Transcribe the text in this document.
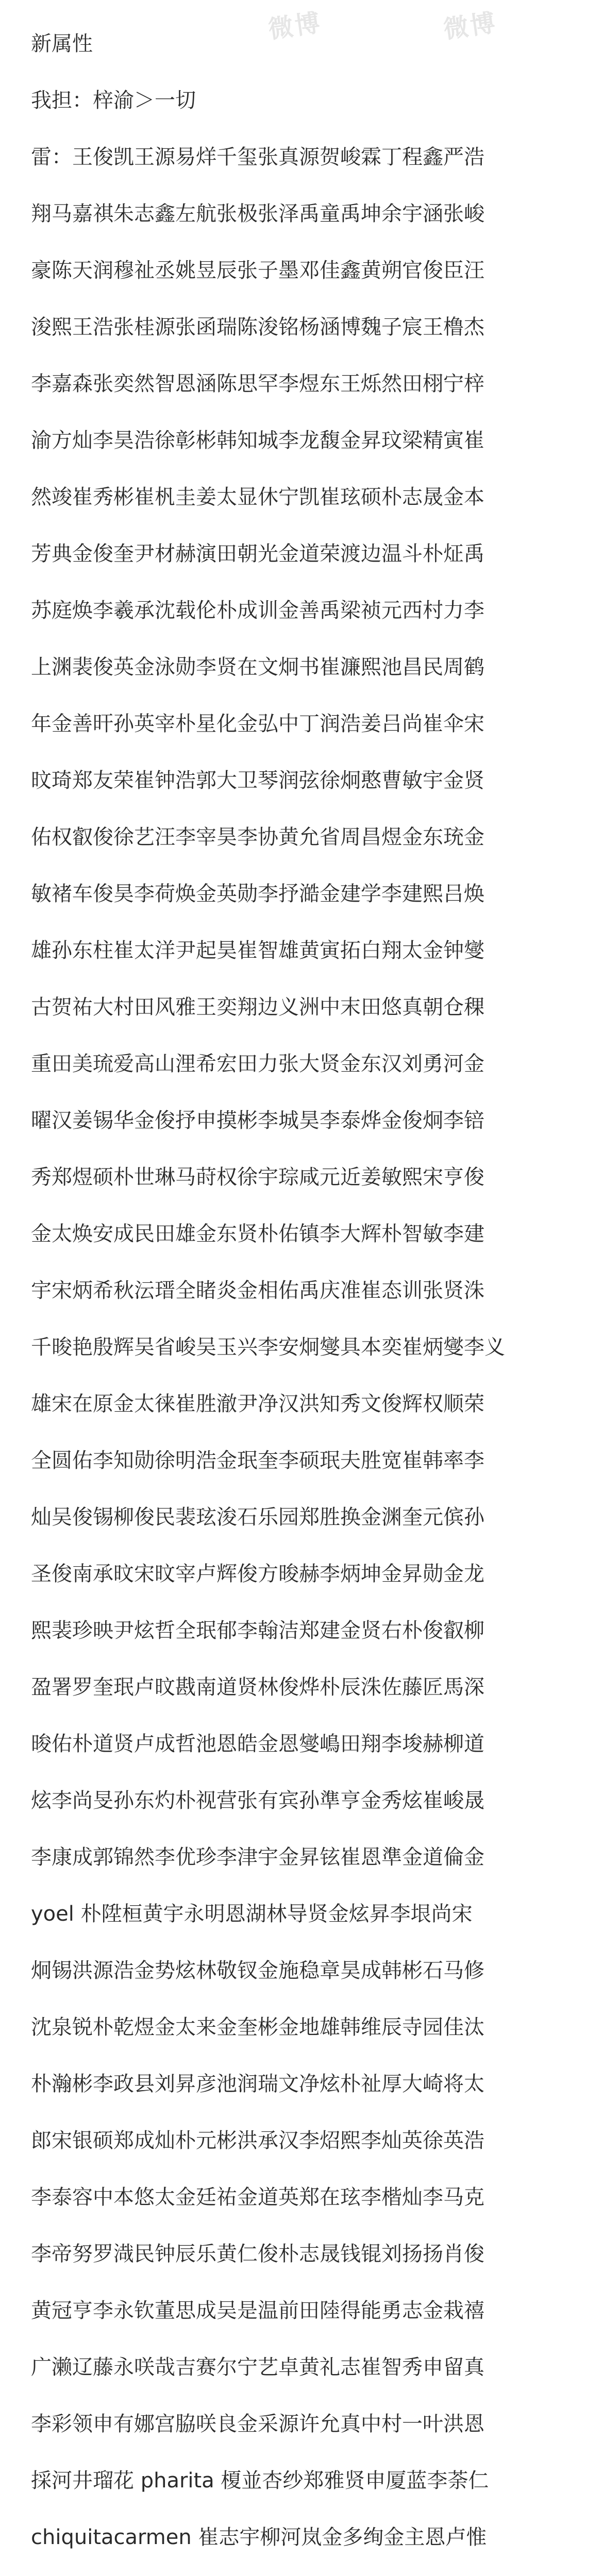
微博	微博
新属性
我担：梓渝＞一切
雷：王俊凯王源易烊千玺张真源贺峻霖丁程鑫严浩
翔马嘉祺朱志鑫左航张极张泽禹童禹坤余宇涵张峻
豪陈天润穆祉丞姚昱辰张子墨邓佳鑫黄朔官俊臣汪
浚熙王浩张桂源张函瑞陈浚铭杨涵博魏子宸王橹杰
李嘉森张奕然智恩涵陈思罕李煜东王烁然田栩宁梓
渝方灿李昊浩徐彰彬韩知城李龙馥金昇玟梁精寅崔
然竣崔秀彬崔杋圭姜太显休宁凯崔玹硕朴志晟金本
芳典金俊奎尹材赫演田朝光金道荣渡边温斗朴炡禹
苏庭焕李羲承沈载伦朴成训金善禹梁祯元西村力李
上渊裴俊英金泳勋李贤在文炯书崔濂熙池昌民周鹤
年金善旰孙英宰朴星化金弘中丁润浩姜吕尚崔伞宋
旼琦郑友荣崔钟浩郭大卫琴润弦徐炯憨曹敏宇金贤
佑权叡俊徐艺汪李宰昊李协黄允省周昌煜金东珫金
敏褚车俊昊李荷焕金英勋李抒澔金建学李建熙吕焕
雄孙东柱崔太洋尹起昊崔智雄黄寅拓白翔太金钟燮
古贺祐大村田风雅王奕翔边义洲中末田悠真朝仓稞
重田美琉爱高山浬希宏田力张大贤金东汉刘勇河金
曜汉姜锡华金俊抒申摸彬李城昊李泰烨金俊炯李锫
秀郑煜硕朴世琳马莳权徐宇琮咸元近姜敏熙宋亨俊
金太焕安成民田雄金东贤朴佑镇李大辉朴智敏李建
宇宋炳希秋沄瑨全睹炎金相佑禹庆准崔态训张贤洙
千晙艳殷辉吴省峻吴玉兴李安炯燮具本奕崔炳燮李义
雄宋在原金太徕崔胜澈尹净汉洪知秀文俊辉权顺荣
全圆佑李知勋徐明浩金珉奎李硕珉夫胜宽崔韩率李
灿吴俊锡柳俊民裴玹浚石乐园郑胜换金渊奎元傧孙
圣俊南承旼宋旼宰卢辉俊方晙赫李炳坤金昇勋金龙
熙裴珍映尹炫哲全珉郁李翰洁郑建金贤右朴俊叡柳
盈署罗奎珉卢旼戡南道贤林俊烨朴辰洙佐藤匠馬深
晙佑朴道贤卢成哲池恩皓金恩燮嶋田翔李埈赫柳道
炫李尚旻孙东灼朴视营张有宾孙準亨金秀炫崔峻晟
李康成郭锦然李优珍李津宇金昇铉崔恩準金道倫金
yoel 朴陞桓黄宇永明恩湖林导贤金炫昇李垠尚宋
炯锡洪源浩金势炫林敬钗金施稳章昊成韩彬石马修
沈泉锐朴乾煜金太来金奎彬金地雄韩维辰寺园佳汰
朴瀚彬李政县刘昇彦池润瑞文净炫朴祉厚大崎将太
郎宋银硕郑成灿朴元彬洪承汉李炤熙李灿英徐英浩
李泰容中本悠太金廷祐金道英郑在玹李楷灿李马克
李帝努罗渽民钟辰乐黄仁俊朴志晟钱锟刘扬扬肖俊
黄冠亨李永钦董思成吴是温前田陸得能勇志金栽禧
广濑辽藤永咲哉吉赛尔宁艺卓黄礼志崔智秀申留真
李彩领申有娜宫脇咲良金采源许允真中村一叶洪恩
採河井瑠花 pharita 榎並杏纱郑雅贤申厦蓝李荼仁
chiquitacarmen 崔志宇柳河岚金多绚金主恩卢惟
